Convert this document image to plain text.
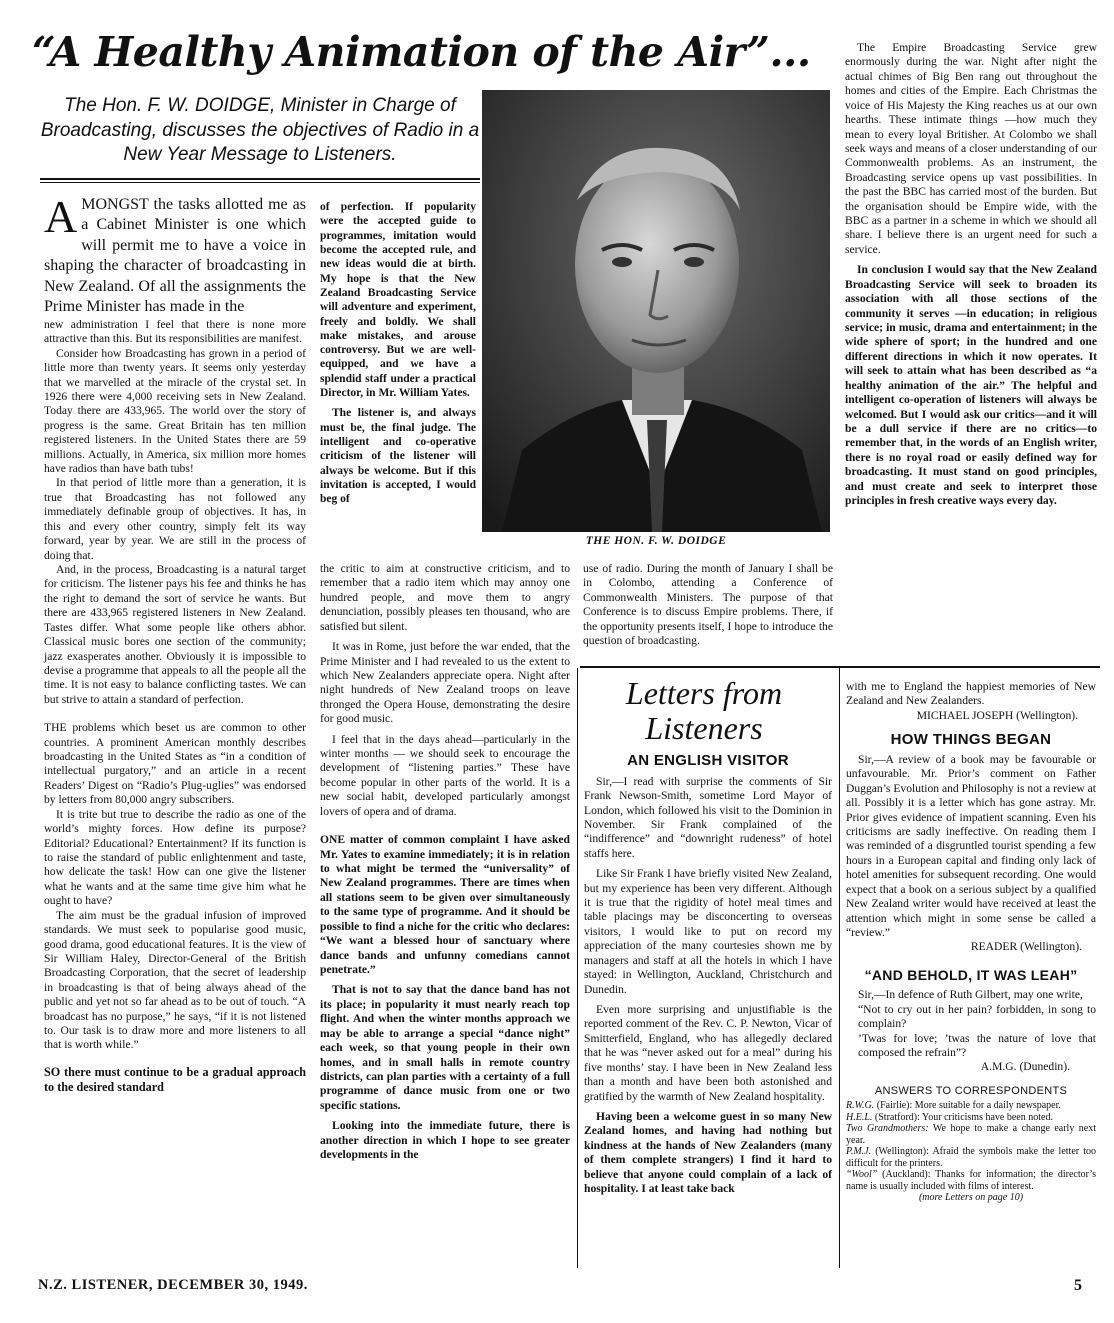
“A Healthy Animation of the Air”...
The Hon. F. W. DOIDGE, Minister in Charge of Broadcasting, discusses the objectives of Radio in a New Year Message to Listeners.

AMONGST the tasks allotted me as a Cabinet Minister is one which will permit me to have a voice in shaping the character of broadcasting in New Zealand. Of all the assignments the Prime Minister has made in the

new administration I feel that there is none more attractive than this. But its responsibilities are manifest.

Consider how Broadcasting has grown in a period of little more than twenty years. It seems only yesterday that we marvelled at the miracle of the crystal set. In 1926 there were 4,000 receiving sets in New Zealand. Today there are 433,965. The world over the story of progress is the same. Great Britain has ten million registered listeners. In the United States there are 59 millions. Actually, in America, six million more homes have radios than have bath tubs!

In that period of little more than a generation, it is true that Broadcasting has not followed any immediately definable group of objectives. It has, in this and every other country, simply felt its way forward, year by year. We are still in the process of doing that.

And, in the process, Broadcasting is a natural target for criticism. The listener pays his fee and thinks he has the right to demand the sort of service he wants. But there are 433,965 registered listeners in New Zealand. Tastes differ. What some people like others abhor. Classical music bores one section of the community; jazz exasperates another. Obviously it is impossible to devise a programme that appeals to all the people all the time. It is not easy to balance conflicting tastes. We can but strive to attain a standard of perfection.

THE problems which beset us are common to other countries. A prominent American monthly describes broadcasting in the United States as “in a condition of intellectual purgatory,” and an article in a recent Readers’ Digest on “Radio’s Plug-uglies” was endorsed by letters from 80,000 angry subscribers.

It is trite but true to describe the radio as one of the world’s mighty forces. How define its purpose? Editorial? Educational? Entertainment? If its function is to raise the standard of public enlightenment and taste, how delicate the task! How can one give the listener what he wants and at the same time give him what he ought to have?

The aim must be the gradual infusion of improved standards. We must seek to popularise good music, good drama, good educational features. It is the view of Sir William Haley, Director-General of the British Broadcasting Corporation, that the secret of leadership in broadcasting is that of being always ahead of the public and yet not so far ahead as to be out of touch. “A broadcast has no purpose,” he says, “if it is not listened to. Our task is to draw more and more listeners to all that is worth while.”

SO there must continue to be a gradual approach to the desired standard

of perfection. If popularity were the accepted guide to programmes, imitation would become the accepted rule, and new ideas would die at birth. My hope is that the New Zealand Broadcasting Service will adventure and experiment, freely and boldly. We shall make mistakes, and arouse controversy. But we are well-equipped, and we have a splendid staff under a practical Director, in Mr. William Yates.

The listener is, and always must be, the final judge. The intelligent and co-operative criticism of the listener will always be welcome. But if this invitation is accepted, I would beg of

the critic to aim at constructive criticism, and to remember that a radio item which may annoy one hundred people, and move them to angry denunciation, possibly pleases ten thousand, who are satisfied but silent.

It was in Rome, just before the war ended, that the Prime Minister and I had revealed to us the extent to which New Zealanders appreciate opera. Night after night hundreds of New Zealand troops on leave thronged the Opera House, demonstrating the desire for good music.

I feel that in the days ahead—particularly in the winter months — we should seek to encourage the development of “listening parties.” These have become popular in other parts of the world. It is a new social habit, developed particularly amongst lovers of opera and of drama.

ONE matter of common complaint I have asked Mr. Yates to examine immediately; it is in relation to what might be termed the “universality” of New Zealand programmes. There are times when all stations seem to be given over simultaneously to the same type of programme. And it should be possible to find a niche for the critic who declares: “We want a blessed hour of sanctuary where dance bands and unfunny comedians cannot penetrate.”

That is not to say that the dance band has not its place; in popularity it must nearly reach top flight. And when the winter months approach we may be able to arrange a special “dance night” each week, so that young people in their own homes, and in small halls in remote country districts, can plan parties with a certainty of a full programme of dance music from one or two specific stations.

Looking into the immediate future, there is another direction in which I hope to see greater developments in the

THE HON. F. W. DOIDGE

use of radio. During the month of January I shall be in Colombo, attending a Conference of Commonwealth Ministers. The purpose of that Conference is to discuss Empire problems. There, if the opportunity presents itself, I hope to introduce the question of broadcasting.

The Empire Broadcasting Service grew enormously during the war. Night after night the actual chimes of Big Ben rang out throughout the homes and cities of the Empire. Each Christmas the voice of His Majesty the King reaches us at our own hearths. These intimate things —how much they mean to every loyal Britisher. At Colombo we shall seek ways and means of a closer understanding of our Commonwealth problems. As an instrument, the Broadcasting service opens up vast possibilities. In the past the BBC has carried most of the burden. But the organisation should be Empire wide, with the BBC as a partner in a scheme in which we should all share. I believe there is an urgent need for such a service.

In conclusion I would say that the New Zealand Broadcasting Service will seek to broaden its association with all those sections of the community it serves —in education; in religious service; in music, drama and entertainment; in the wide sphere of sport; in the hundred and one different directions in which it now operates. It will seek to attain what has been described as “a healthy animation of the air.” The helpful and intelligent co-operation of listeners will always be welcomed. But I would ask our critics—and it will be a dull service if there are no critics—to remember that, in the words of an English writer, there is no royal road or easily defined way for broadcasting. It must stand on good principles, and must create and seek to interpret those principles in fresh creative ways every day.

Letters from Listeners
AN ENGLISH VISITOR

Sir,—I read with surprise the comments of Sir Frank Newson-Smith, sometime Lord Mayor of London, which followed his visit to the Dominion in November. Sir Frank complained of the “indifference” and “downright rudeness” of hotel staffs here.

Like Sir Frank I have briefly visited New Zealand, but my experience has been very different. Although it is true that the rigidity of hotel meal times and table placings may be disconcerting to overseas visitors, I would like to put on record my appreciation of the many courtesies shown me by managers and staff at all the hotels in which I have stayed: in Wellington, Auckland, Christchurch and Dunedin.

Even more surprising and unjustifiable is the reported comment of the Rev. C. P. Newton, Vicar of Smitterfield, England, who has allegedly declared that he was “never asked out for a meal” during his five months’ stay. I have been in New Zealand less than a month and have been both astonished and gratified by the warmth of New Zealand hospitality.

Having been a welcome guest in so many New Zealand homes, and having had nothing but kindness at the hands of New Zealanders (many of them complete strangers) I find it hard to believe that anyone could complain of a lack of hospitality. I at least take back

with me to England the happiest memories of New Zealand and New Zealanders.

MICHAEL JOSEPH (Wellington).

HOW THINGS BEGAN

Sir,—A review of a book may be favourable or unfavourable. Mr. Prior’s comment on Father Duggan’s Evolution and Philosophy is not a review at all. Possibly it is a letter which has gone astray. Mr. Prior gives evidence of impatient scanning. Even his criticisms are sadly ineffective. On reading them I was reminded of a disgruntled tourist spending a few hours in a European capital and finding only lack of hotel amenities for subsequent recording. One would expect that a book on a serious subject by a qualified New Zealand writer would have received at least the attention which might in some sense be called a “review.”

READER (Wellington).

“AND BEHOLD, IT WAS LEAH”

Sir,—In defence of Ruth Gilbert, may one write,

“Not to cry out in her pain? forbidden, in song to complain?

’Twas for love; ’twas the nature of love that composed the refrain”?

A.M.G. (Dunedin).

ANSWERS TO CORRESPONDENTS

R.W.G. (Fairlie): More suitable for a daily newspaper.

H.E.L. (Stratford): Your criticisms have been noted.

Two Grandmothers: We hope to make a change early next year.

P.M.J. (Wellington): Afraid the symbols make the letter too difficult for the printers.

“Wool” (Auckland): Thanks for information; the director’s name is usually included with films of interest.

(more Letters on page 10)

N.Z. LISTENER, DECEMBER 30, 1949.	5
